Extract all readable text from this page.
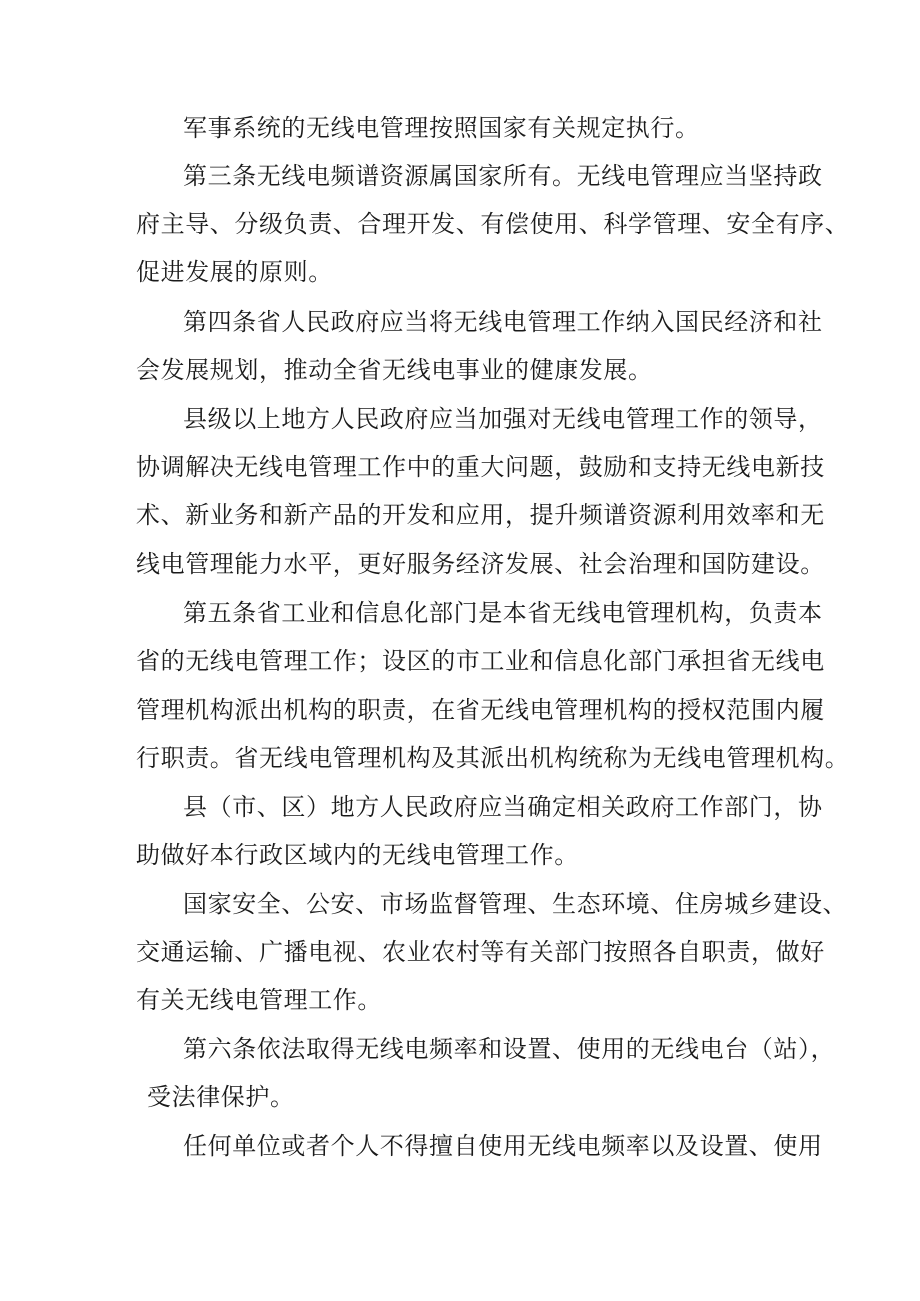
军事系统的无线电管理按照国家有关规定执行。
第三条无线电频谱资源属国家所有。无线电管理应当坚持政
府主导、分级负责、合理开发、有偿使用、科学管理、安全有序、
促进发展的原则。
第四条省人民政府应当将无线电管理工作纳入国民经济和社
会发展规划，推动全省无线电事业的健康发展。
县级以上地方人民政府应当加强对无线电管理工作的领导，
协调解决无线电管理工作中的重大问题，鼓励和支持无线电新技
术、新业务和新产品的开发和应用，提升频谱资源利用效率和无
线电管理能力水平，更好服务经济发展、社会治理和国防建设。
第五条省工业和信息化部门是本省无线电管理机构，负责本
省的无线电管理工作；设区的市工业和信息化部门承担省无线电
管理机构派出机构的职责，在省无线电管理机构的授权范围内履
行职责。省无线电管理机构及其派出机构统称为无线电管理机构。
县（市、区）地方人民政府应当确定相关政府工作部门，协
助做好本行政区域内的无线电管理工作。
国家安全、公安、市场监督管理、生态环境、住房城乡建设、
交通运输、广播电视、农业农村等有关部门按照各自职责，做好
有关无线电管理工作。
第六条依法取得无线电频率和设置、使用的无线电台（站），
受法律保护。
任何单位或者个人不得擅自使用无线电频率以及设置、使用
